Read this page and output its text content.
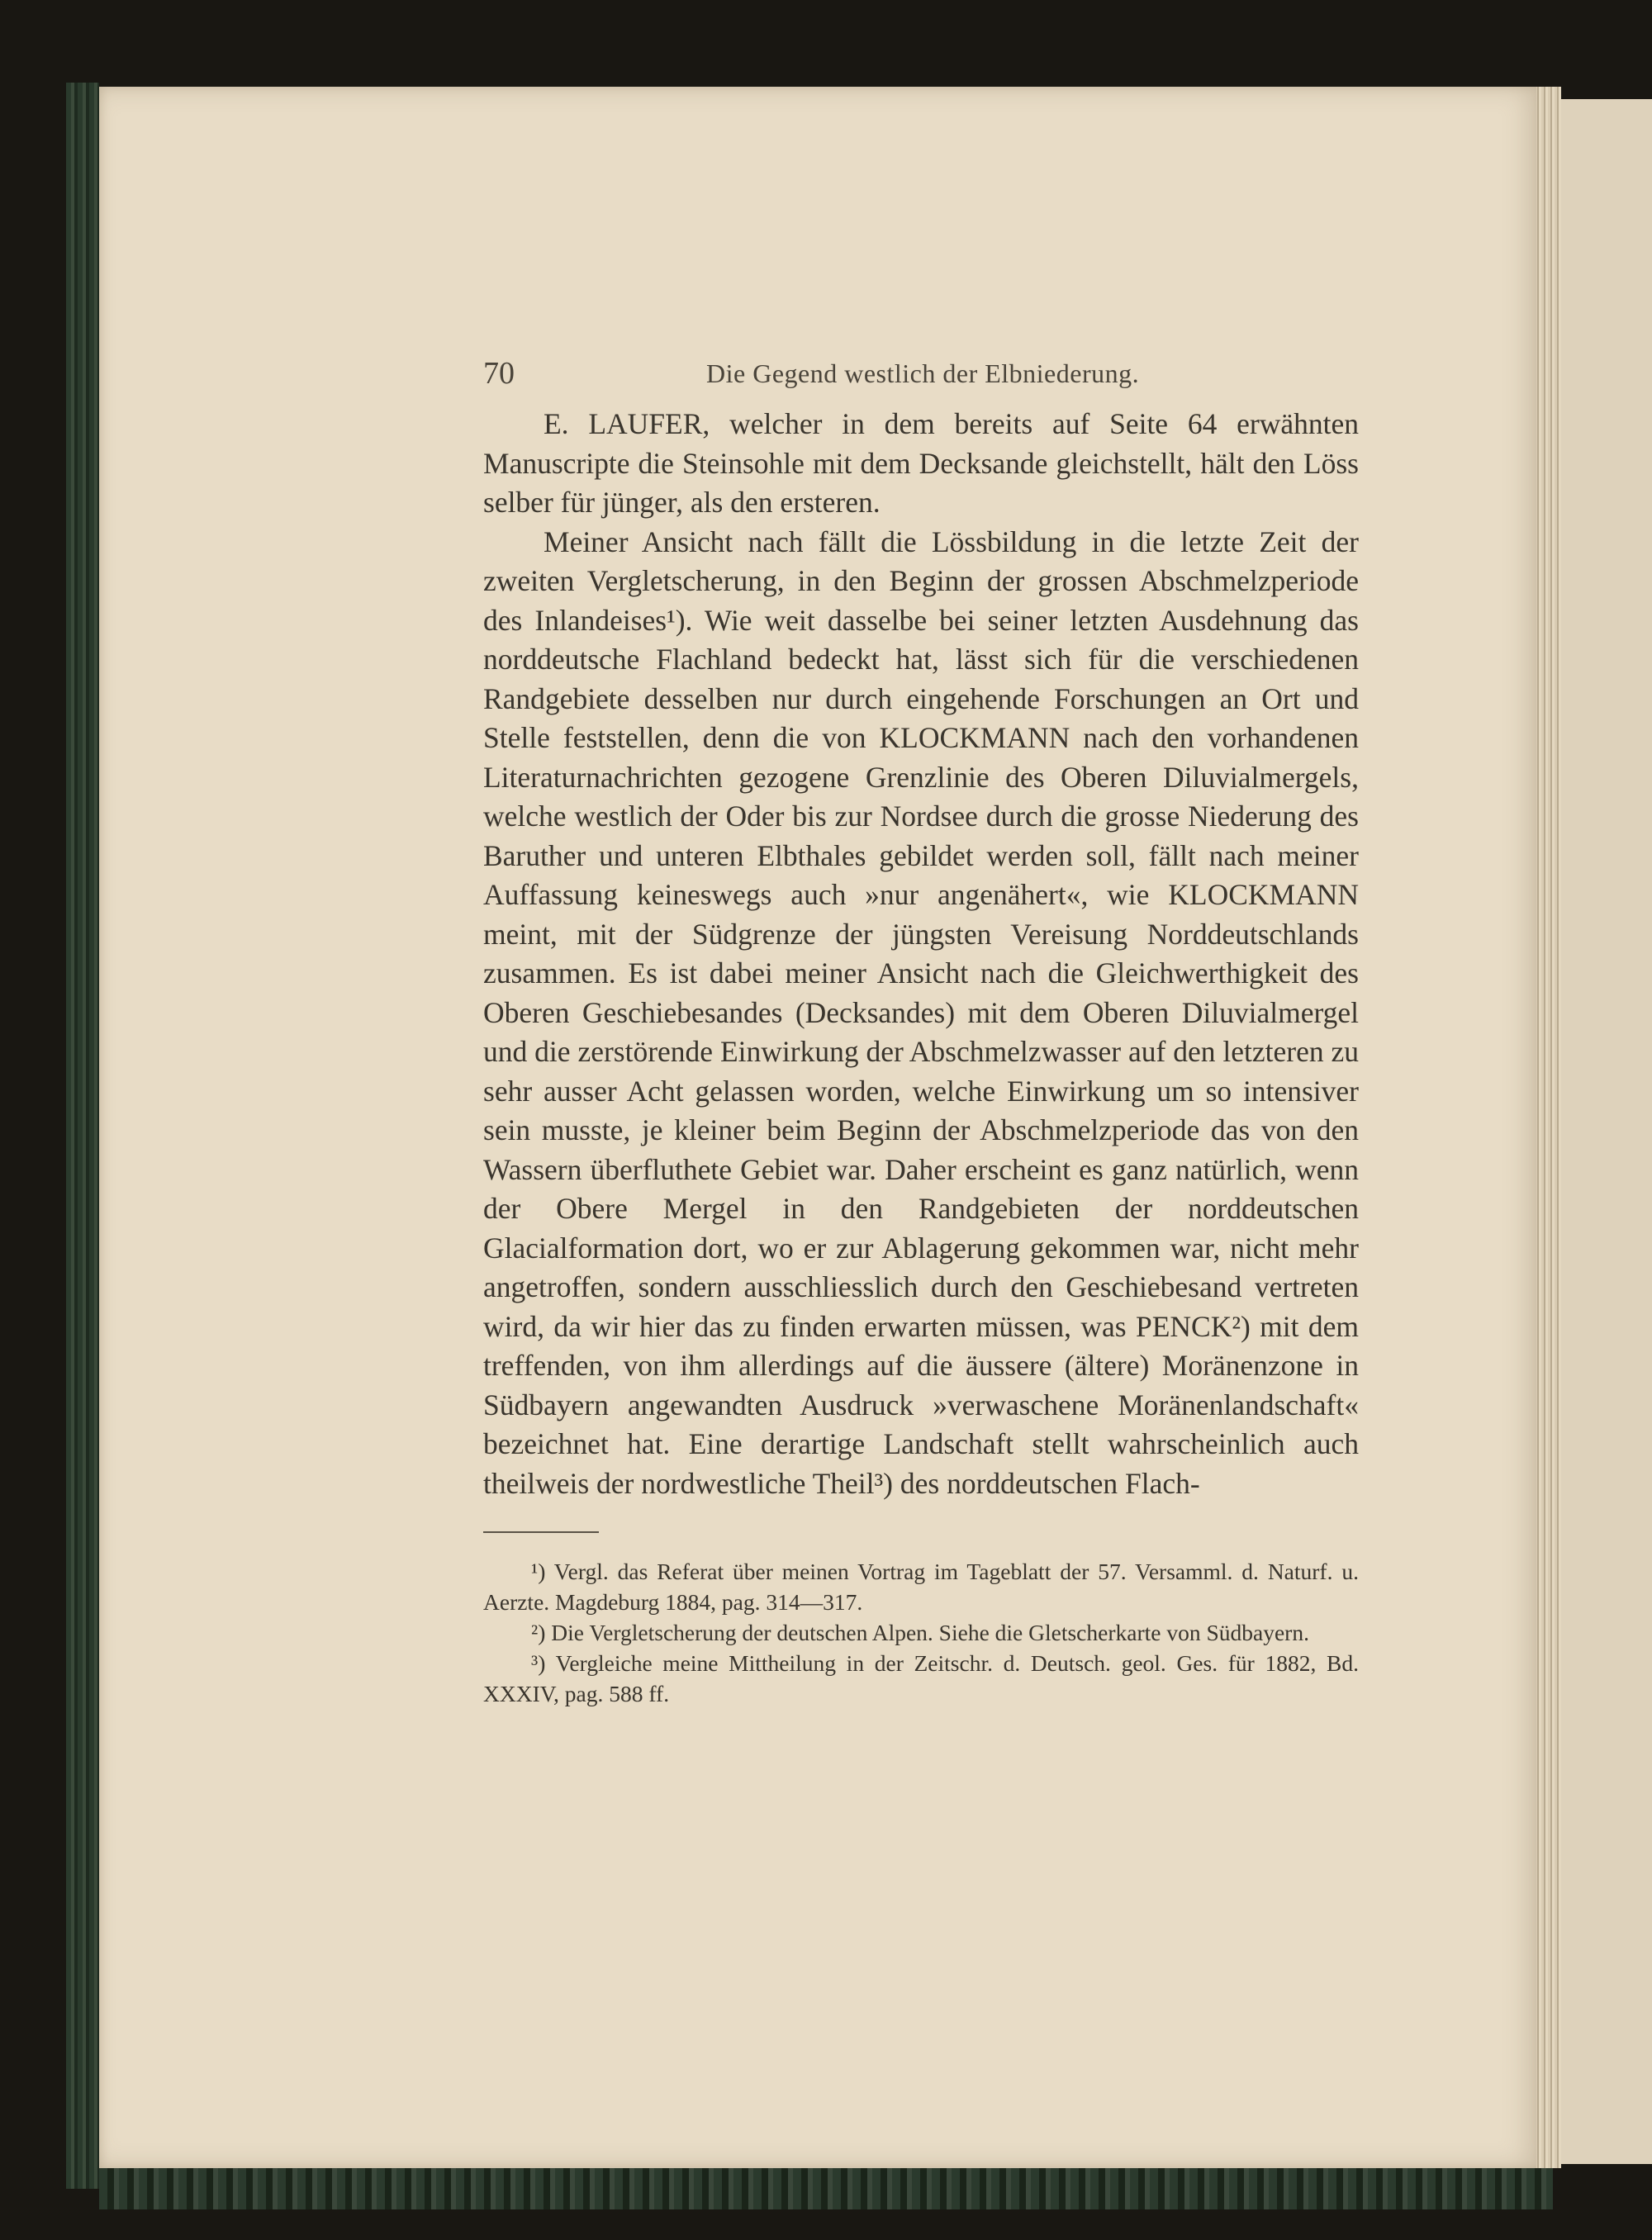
70	Die Gegend westlich der Elbniederung.

E. LAUFER, welcher in dem bereits auf Seite 64 erwähnten Manuscripte die Steinsohle mit dem Decksande gleichstellt, hält den Löss selber für jünger, als den ersteren.

Meiner Ansicht nach fällt die Lössbildung in die letzte Zeit der zweiten Vergletscherung, in den Beginn der grossen Abschmelzperiode des Inlandeises¹). Wie weit dasselbe bei seiner letzten Ausdehnung das norddeutsche Flachland bedeckt hat, lässt sich für die verschiedenen Randgebiete desselben nur durch eingehende Forschungen an Ort und Stelle feststellen, denn die von KLOCKMANN nach den vorhandenen Literaturnachrichten gezogene Grenzlinie des Oberen Diluvialmergels, welche westlich der Oder bis zur Nordsee durch die grosse Niederung des Baruther und unteren Elbthales gebildet werden soll, fällt nach meiner Auffassung keineswegs auch »nur angenähert«, wie KLOCKMANN meint, mit der Südgrenze der jüngsten Vereisung Norddeutschlands zusammen. Es ist dabei meiner Ansicht nach die Gleichwerthigkeit des Oberen Geschiebesandes (Decksandes) mit dem Oberen Diluvialmergel und die zerstörende Einwirkung der Abschmelzwasser auf den letzteren zu sehr ausser Acht gelassen worden, welche Einwirkung um so intensiver sein musste, je kleiner beim Beginn der Abschmelzperiode das von den Wassern überfluthete Gebiet war. Daher erscheint es ganz natürlich, wenn der Obere Mergel in den Randgebieten der norddeutschen Glacialformation dort, wo er zur Ablagerung gekommen war, nicht mehr angetroffen, sondern ausschliesslich durch den Geschiebesand vertreten wird, da wir hier das zu finden erwarten müssen, was PENCK²) mit dem treffenden, von ihm allerdings auf die äussere (ältere) Moränenzone in Südbayern angewandten Ausdruck »verwaschene Moränenlandschaft« bezeichnet hat. Eine derartige Landschaft stellt wahrscheinlich auch theilweis der nordwestliche Theil³) des norddeutschen Flach-

¹) Vergl. das Referat über meinen Vortrag im Tageblatt der 57. Versamml. d. Naturf. u. Aerzte. Magdeburg 1884, pag. 314—317.

²) Die Vergletscherung der deutschen Alpen. Siehe die Gletscherkarte von Südbayern.

³) Vergleiche meine Mittheilung in der Zeitschr. d. Deutsch. geol. Ges. für 1882, Bd. XXXIV, pag. 588 ff.
